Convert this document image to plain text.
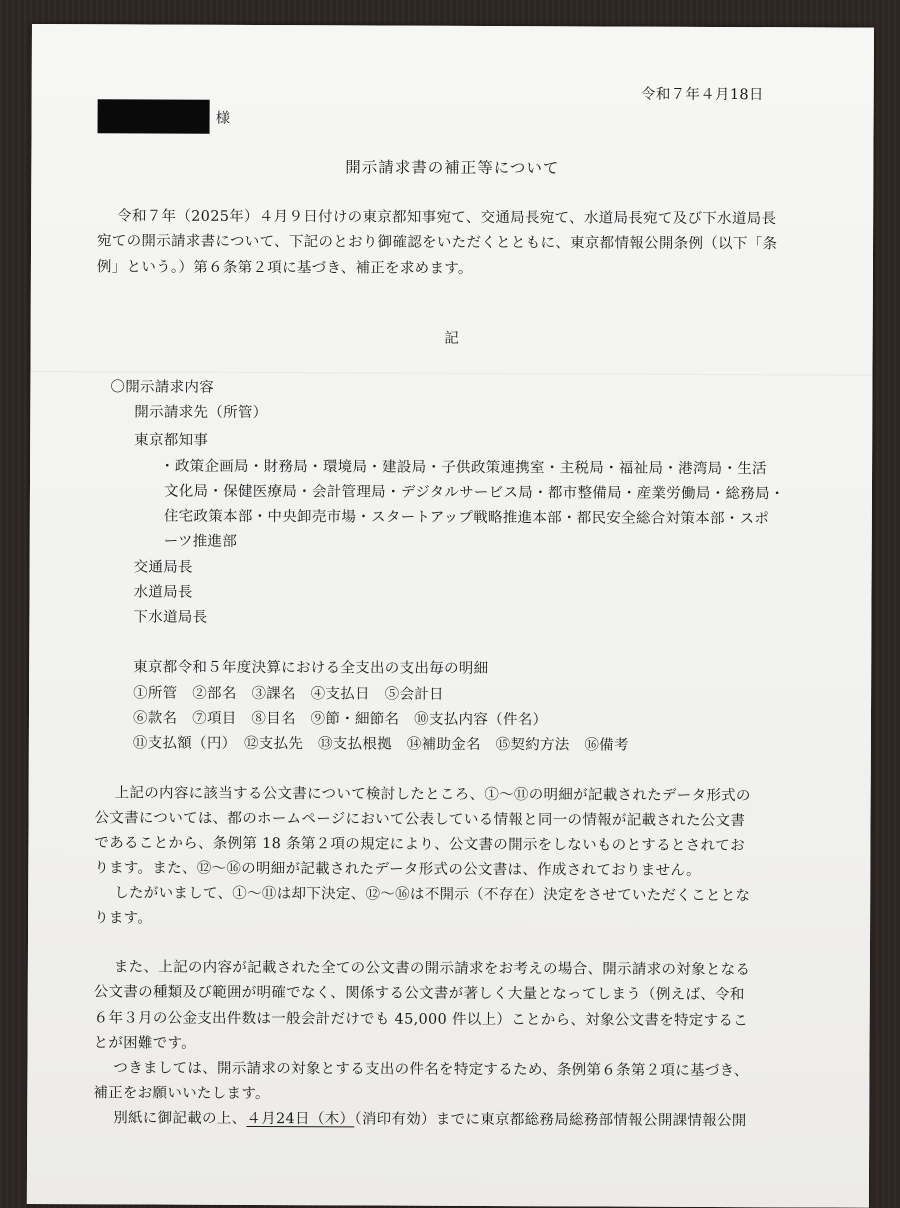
令和７年４月18日
様
開示請求書の補正等について
令和７年（2025年）４月９日付けの東京都知事宛て、交通局長宛て、水道局長宛て及び下水道局長
宛ての開示請求書について、下記のとおり御確認をいただくとともに、東京都情報公開条例（以下「条
例」という。）第６条第２項に基づき、補正を求めます。
記
〇開示請求内容
開示請求先（所管）
東京都知事
・政策企画局・財務局・環境局・建設局・子供政策連携室・主税局・福祉局・港湾局・生活
文化局・保健医療局・会計管理局・デジタルサービス局・都市整備局・産業労働局・総務局・
住宅政策本部・中央卸売市場・スタートアップ戦略推進本部・都民安全総合対策本部・スポ
ーツ推進部
交通局長
水道局長
下水道局長
東京都令和５年度決算における全支出の支出毎の明細
①所管　②部名　③課名　④支払日　⑤会計日
⑥款名　⑦項目　⑧目名　⑨節・細節名　⑩支払内容（件名）
⑪支払額（円）　⑫支払先　⑬支払根拠　⑭補助金名　⑮契約方法　⑯備考
上記の内容に該当する公文書について検討したところ、①～⑪の明細が記載されたデータ形式の
公文書については、都のホームページにおいて公表している情報と同一の情報が記載された公文書
であることから、条例第 18 条第２項の規定により、公文書の開示をしないものとするとされてお
ります。また、⑫～⑯の明細が記載されたデータ形式の公文書は、作成されておりません。
したがいまして、①～⑪は却下決定、⑫～⑯は不開示（不存在）決定をさせていただくこととな
ります。
また、上記の内容が記載された全ての公文書の開示請求をお考えの場合、開示請求の対象となる
公文書の種類及び範囲が明確でなく、関係する公文書が著しく大量となってしまう（例えば、令和
６年３月の公金支出件数は一般会計だけでも 45,000 件以上）ことから、対象公文書を特定するこ
とが困難です。
つきましては、開示請求の対象とする支出の件名を特定するため、条例第６条第２項に基づき、
補正をお願いいたします。
別紙に御記載の上、４月24日（木）（消印有効）までに東京都総務局総務部情報公開課情報公開
